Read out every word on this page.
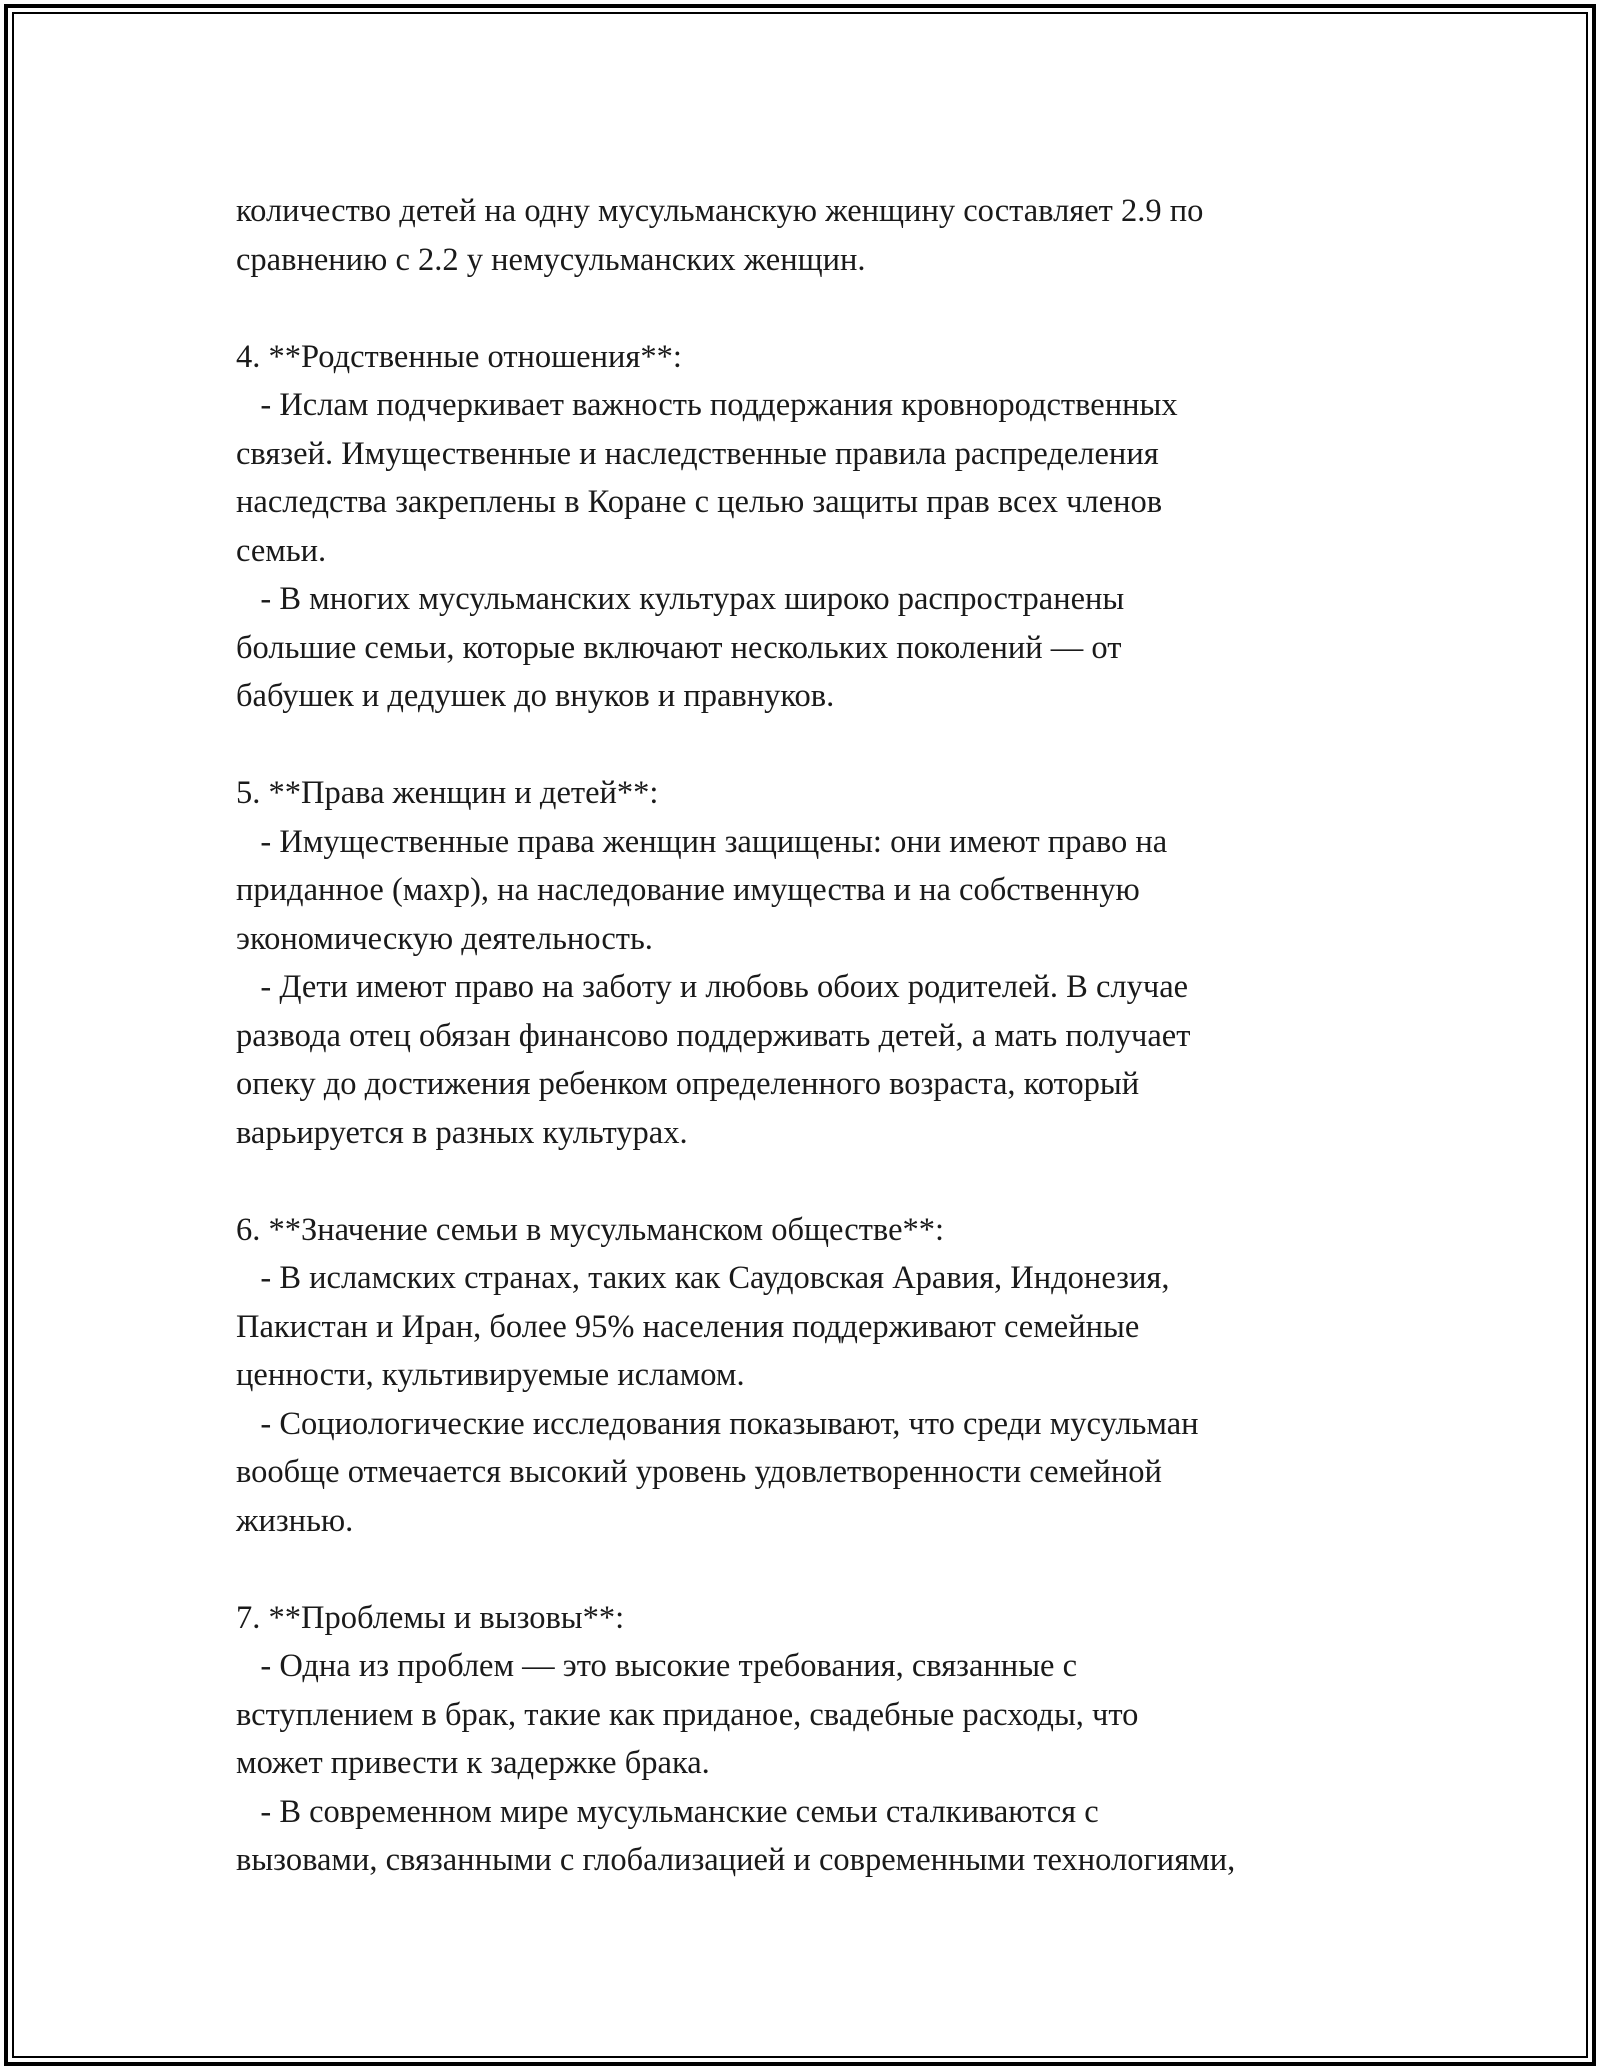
количество детей на одну мусульманскую женщину составляет 2.9 по
сравнению с 2.2 у немусульманских женщин.
4. **Родственные отношения**:
- Ислам подчеркивает важность поддержания кровнородственных
связей. Имущественные и наследственные правила распределения
наследства закреплены в Коране с целью защиты прав всех членов
семьи.
- В многих мусульманских культурах широко распространены
большие семьи, которые включают нескольких поколений — от
бабушек и дедушек до внуков и правнуков.
5. **Права женщин и детей**:
- Имущественные права женщин защищены: они имеют право на
приданное (махр), на наследование имущества и на собственную
экономическую деятельность.
- Дети имеют право на заботу и любовь обоих родителей. В случае
развода отец обязан финансово поддерживать детей, а мать получает
опеку до достижения ребенком определенного возраста, который
варьируется в разных культурах.
6. **Значение семьи в мусульманском обществе**:
- В исламских странах, таких как Саудовская Аравия, Индонезия,
Пакистан и Иран, более 95% населения поддерживают семейные
ценности, культивируемые исламом.
- Социологические исследования показывают, что среди мусульман
вообще отмечается высокий уровень удовлетворенности семейной
жизнью.
7. **Проблемы и вызовы**:
- Одна из проблем — это высокие требования, связанные с
вступлением в брак, такие как приданое, свадебные расходы, что
может привести к задержке брака.
- В современном мире мусульманские семьи сталкиваются с
вызовами, связанными с глобализацией и современными технологиями,
